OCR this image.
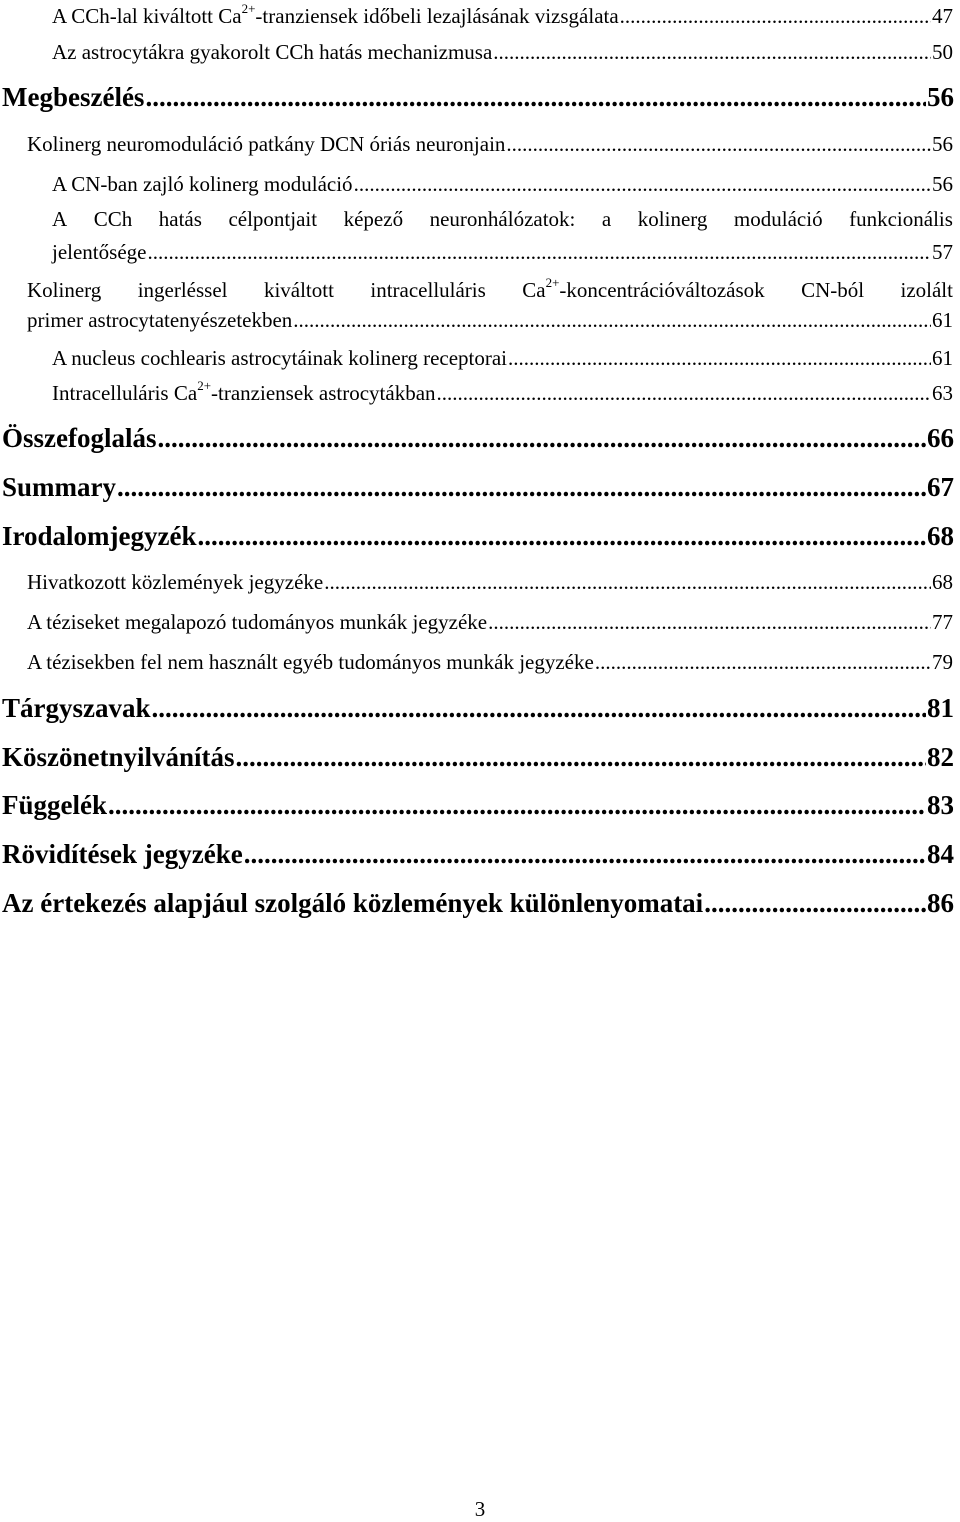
A CCh-lal kiváltott $Ca^{2+}$-tranziensek időbeli lezajlásának vizsgálata .....	47
Az astrocytákra gyakorolt CCh hatás mechanizmusa .....	50
Megbeszélés .....	56
Kolinerg neuromoduláció patkány DCN óriás neuronjain .....	56
A CN-ban zajló kolinerg moduláció .....	56
A CCh hatás célpontjait képező neuronhálózatok: a kolinerg moduláció funkcionális
jelentősége .....	57
Kolinerg ingerléssel kiváltott intracelluláris $Ca^{2+}$-koncentrációváltozások CN-ból izolált
primer astrocytatenyészetekben .....	61
A nucleus cochlearis astrocytáinak kolinerg receptorai .....	61
Intracelluláris $Ca^{2+}$-tranziensek astrocytákban .....	63
Összefoglalás .....	66
Summary .....	67
Irodalomjegyzék .....	68
Hivatkozott közlemények jegyzéke .....	68
A téziseket megalapozó tudományos munkák jegyzéke .....	77
A tézisekben fel nem használt egyéb tudományos munkák jegyzéke .....	79
Tárgyszavak .....	81
Köszönetnyilvánítás .....	82
Függelék .....	83
Rövidítések jegyzéke .....	84
Az értekezés alapjául szolgáló közlemények különlenyomatai .....	86
3
